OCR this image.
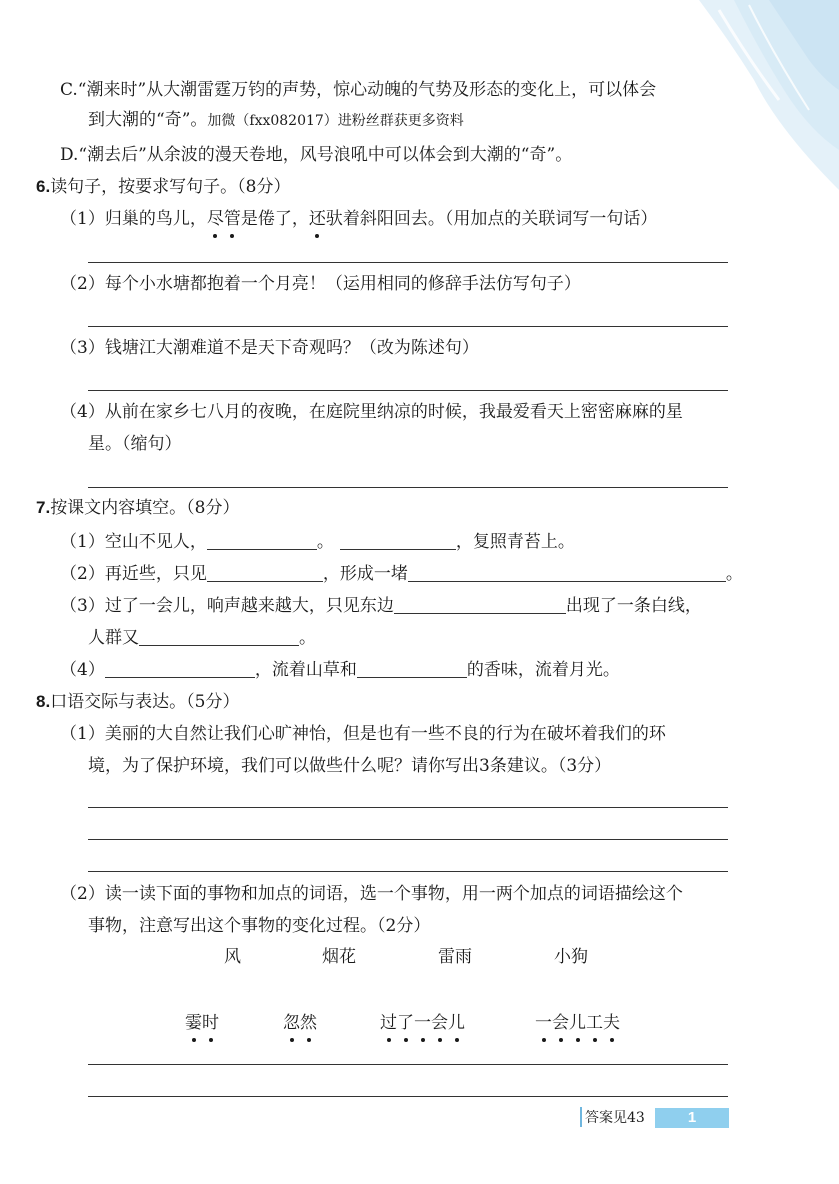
C.“潮来时”从大潮雷霆万钧的声势，惊心动魄的气势及形态的变化上，可以体会
到大潮的“奇”。加微（fxx082017）进粉丝群获更多资料
D.“潮去后”从余波的漫天卷地，风号浪吼中可以体会到大潮的“奇”。
6.读句子，按要求写句子。（8分）
（1）归巢的鸟儿，尽管是倦了，还驮着斜阳回去。（用加点的关联词写一句话）
（2）每个小水塘都抱着一个月亮！（运用相同的修辞手法仿写句子）
（3）钱塘江大潮难道不是天下奇观吗？（改为陈述句）
（4）从前在家乡七八月的夜晚，在庭院里纳凉的时候，我最爱看天上密密麻麻的星
星。（缩句）
7.按课文内容填空。（8分）
（1）空山不见人，	。	，复照青苔上。
（2）再近些，只见	，形成一堵	。
（3）过了一会儿，响声越来越大，只见东边	出现了一条白线，
人群又	。
（4）	，流着山草和	的香味，流着月光。
8.口语交际与表达。（5分）
（1）美丽的大自然让我们心旷神怡，但是也有一些不良的行为在破坏着我们的环
境，为了保护环境，我们可以做些什么呢？请你写出3条建议。（3分）
（2）读一读下面的事物和加点的词语，选一个事物，用一两个加点的词语描绘这个
事物，注意写出这个事物的变化过程。（2分）
风	烟花	雷雨	小狗
霎时	忽然	过了一会儿	一会儿工夫
答案见43	1
